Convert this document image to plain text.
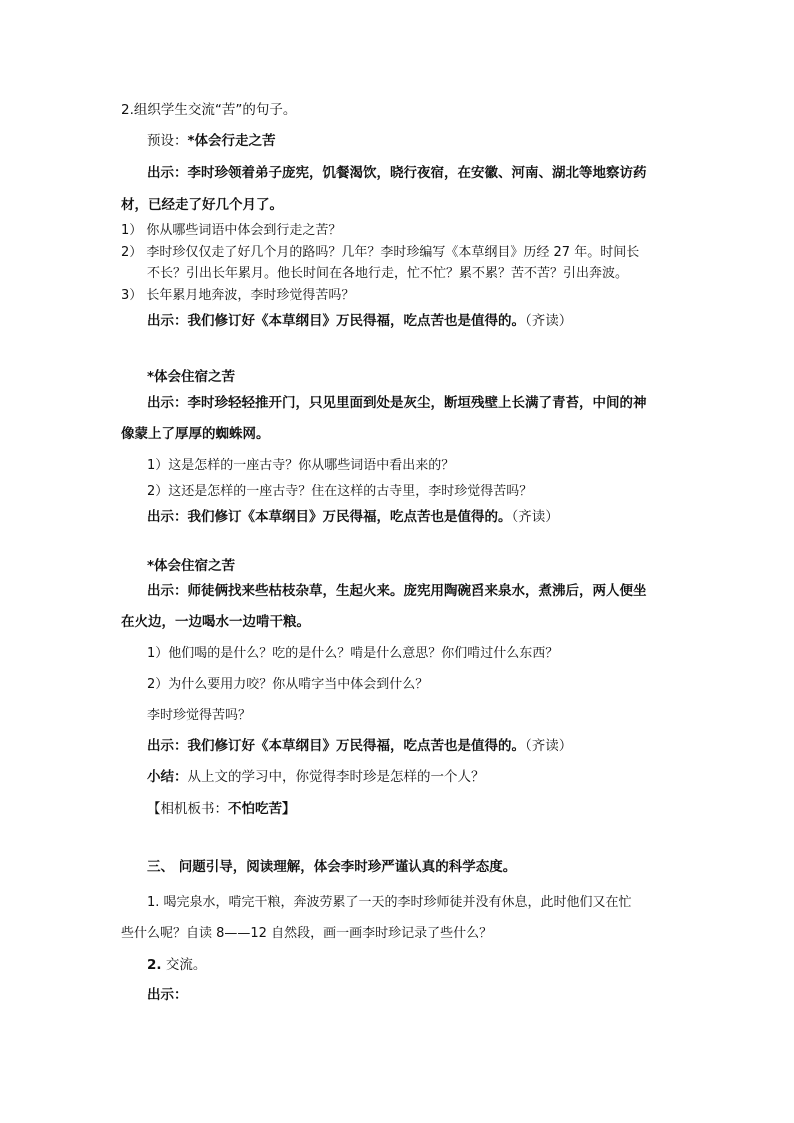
2.组织学生交流“苦”的句子。
预设：*体会行走之苦
出示：李时珍领着弟子庞宪，饥餐渴饮，晓行夜宿，在安徽、河南、湖北等地察访药
材，已经走了好几个月了。
1） 你从哪些词语中体会到行走之苦？
2） 李时珍仅仅走了好几个月的路吗？几年？李时珍编写《本草纲目》历经 27 年。时间长
不长？引出长年累月。他长时间在各地行走，忙不忙？累不累？苦不苦？引出奔波。
3） 长年累月地奔波，李时珍觉得苦吗？
出示：我们修订好《本草纲目》万民得福，吃点苦也是值得的。（齐读）
*体会住宿之苦
出示：李时珍轻轻推开门，只见里面到处是灰尘，断垣残壁上长满了青苔，中间的神
像蒙上了厚厚的蜘蛛网。
1）这是怎样的一座古寺？你从哪些词语中看出来的？
2）这还是怎样的一座古寺？住在这样的古寺里，李时珍觉得苦吗？
出示：我们修订《本草纲目》万民得福，吃点苦也是值得的。（齐读）
*体会住宿之苦
出示：师徒俩找来些枯枝杂草，生起火来。庞宪用陶碗舀来泉水，煮沸后，两人便坐
在火边，一边喝水一边啃干粮。
1）他们喝的是什么？吃的是什么？啃是什么意思？你们啃过什么东西？
2）为什么要用力咬？你从啃字当中体会到什么？
李时珍觉得苦吗？
出示：我们修订好《本草纲目》万民得福，吃点苦也是值得的。（齐读）
小结：从上文的学习中，你觉得李时珍是怎样的一个人？
【相机板书：不怕吃苦】
三、 问题引导，阅读理解，体会李时珍严谨认真的科学态度。
1. 喝完泉水，啃完干粮，奔波劳累了一天的李时珍师徒并没有休息，此时他们又在忙
些什么呢？自读 8——12 自然段，画一画李时珍记录了些什么？
2. 交流。
出示：
